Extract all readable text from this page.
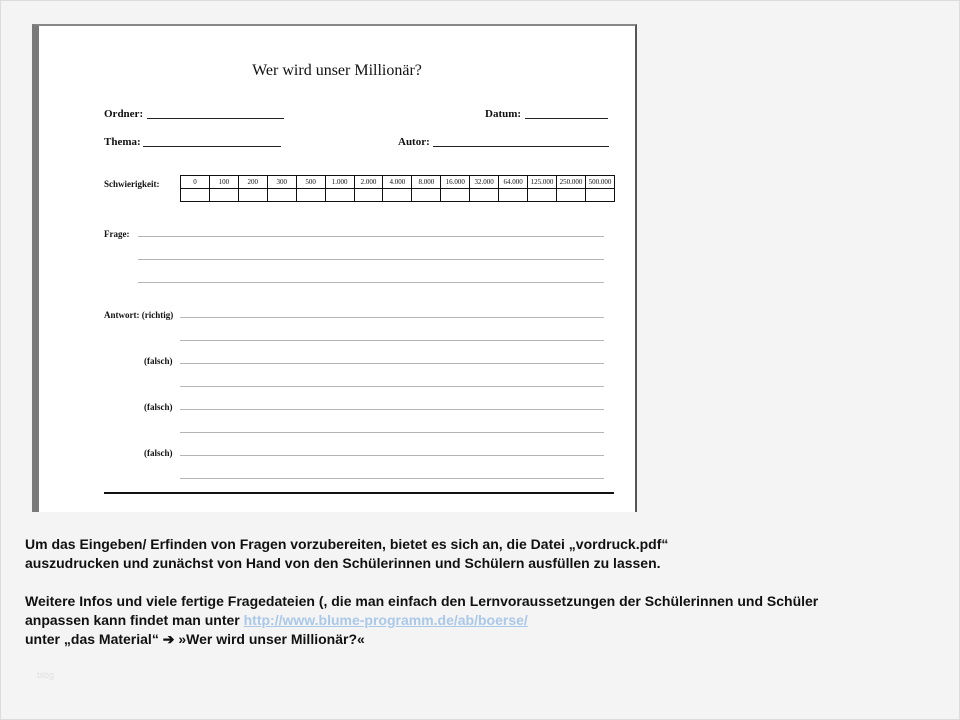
Wer wird unser Millionär?
Ordner:	Datum:
Thema:	Autor:
Schwierigkeit:	0	100	200	300	500	1.000	2.000	4.000	8.000	16.000	32.000	64.000	125.000	250.000	500.000

Frage:
Antwort: (richtig)
(falsch)
(falsch)
(falsch)

Um das Eingeben/ Erfinden von Fragen vorzubereiten, bietet es sich an, die Datei „vordruck.pdf“

auszudrucken und zunächst von Hand von den Schülerinnen und Schülern ausfüllen zu lassen.

Weitere Infos und viele fertige Fragedateien (, die man einfach den Lernvoraussetzungen der Schülerinnen und Schüler

anpassen kann findet man unter http://www.blume-programm.de/ab/boerse/

unter „das Material“ ➔ »Wer wird unser Millionär?«

blog
